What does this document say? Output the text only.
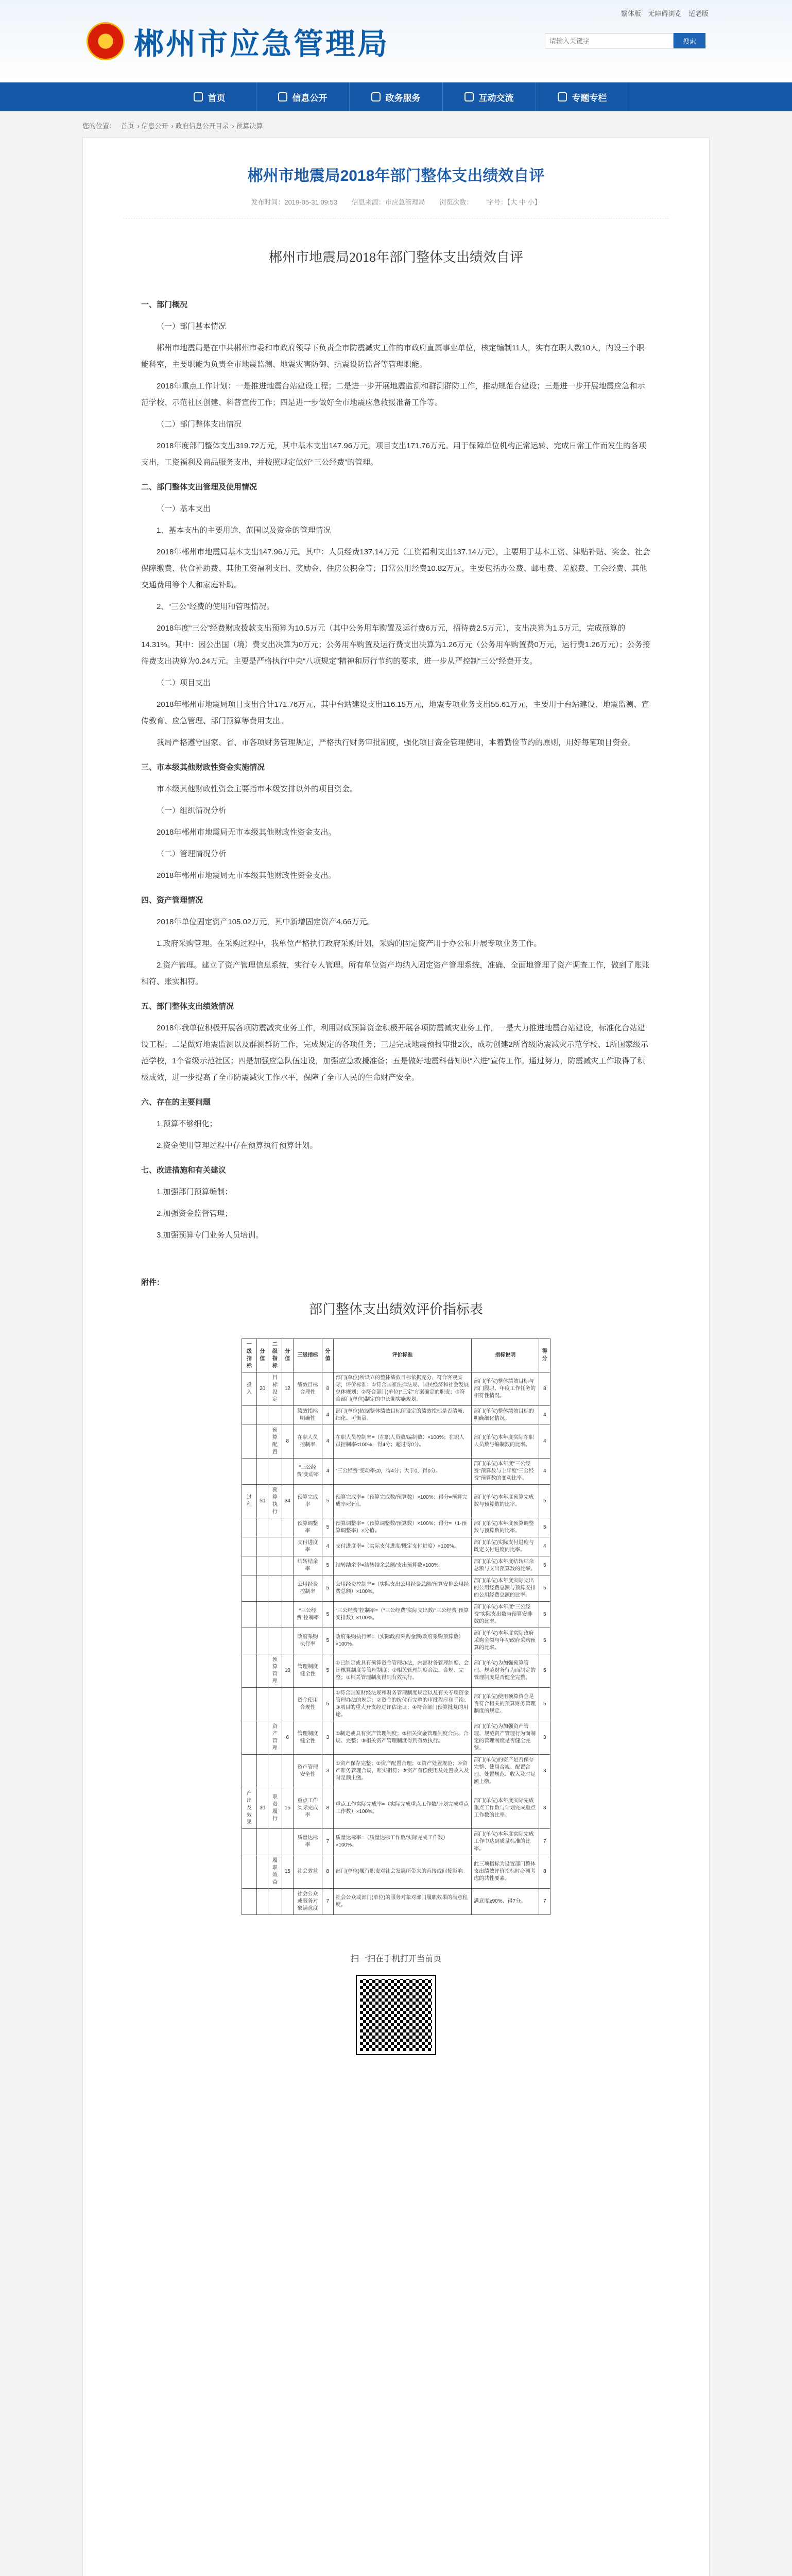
郴州市应急管理局
繁体版 无障碍浏览 适老版
请输入关键字
搜索
首页	信息公开	政务服务	互动交流	专题专栏
您的位置： 首页 › 信息公开 › 政府信息公开目录 › 预算决算
郴州市地震局2018年部门整体支出绩效自评
发布时间：2019-05-31 09:53 信息来源：市应急管理局 浏览次数： 字号：【大 中 小】
郴州市地震局2018年部门整体支出绩效自评

一、部门概况

（一）部门基本情况

郴州市地震局是在中共郴州市委和市政府领导下负责全市防震减灾工作的市政府直属事业单位，核定编制11人，实有在职人数10人，内设三个职能科室，主要职能为负责全市地震监测、地震灾害防御、抗震设防监督等管理职能。

2018年重点工作计划：一是推进地震台站建设工程；二是进一步开展地震监测和群测群防工作，推动规范台建设；三是进一步开展地震应急和示范学校、示范社区创建、科普宣传工作；四是进一步做好全市地震应急救援准备工作等。

（二）部门整体支出情况

2018年度部门整体支出319.72万元，其中基本支出147.96万元，项目支出171.76万元。用于保障单位机构正常运转、完成日常工作而发生的各项支出，工资福利及商品服务支出，并按照规定做好“三公经费”的管理。

二、部门整体支出管理及使用情况

（一）基本支出

1、基本支出的主要用途、范围以及资金的管理情况

2018年郴州市地震局基本支出147.96万元。其中：人员经费137.14万元（工资福利支出137.14万元），主要用于基本工资、津贴补贴、奖金、社会保障缴费、伙食补助费、其他工资福利支出、奖励金、住房公积金等；日常公用经费10.82万元，主要包括办公费、邮电费、差旅费、工会经费、其他交通费用等个人和家庭补助。

2、“三公”经费的使用和管理情况。

2018年度“三公”经费财政拨款支出预算为10.5万元（其中公务用车购置及运行费6万元，招待费2.5万元），支出决算为1.5万元，完成预算的14.31%。其中：因公出国（境）费支出决算为0万元；公务用车购置及运行费支出决算为1.26万元（公务用车购置费0万元，运行费1.26万元）；公务接待费支出决算为0.24万元。主要是严格执行中央“八项规定”精神和厉行节约的要求，进一步从严控制“三公”经费开支。

（二）项目支出

2018年郴州市地震局项目支出合计171.76万元，其中台站建设支出116.15万元，地震专项业务支出55.61万元，主要用于台站建设、地震监测、宣传教育、应急管理、部门预算等费用支出。

我局严格遵守国家、省、市各项财务管理规定，严格执行财务审批制度，强化项目资金管理使用，本着勤俭节约的原则，用好每笔项目资金。

三、市本级其他财政性资金实施情况

市本级其他财政性资金主要指市本级安排以外的项目资金。

（一）组织情况分析

2018年郴州市地震局无市本级其他财政性资金支出。

（二）管理情况分析

2018年郴州市地震局无市本级其他财政性资金支出。

四、资产管理情况

2018年单位固定资产105.02万元，其中新增固定资产4.66万元。

1.政府采购管理。在采购过程中，我单位严格执行政府采购计划，采购的固定资产用于办公和开展专项业务工作。

2.资产管理。建立了资产管理信息系统，实行专人管理。所有单位资产均纳入固定资产管理系统，准确、全面地管理了资产调查工作，做到了账账相符、账实相符。

五、部门整体支出绩效情况

2018年我单位积极开展各项防震减灾业务工作，利用财政预算资金积极开展各项防震减灾业务工作，一是大力推进地震台站建设，标准化台站建设工程；二是做好地震监测以及群测群防工作，完成规定的各项任务；三是完成地震预报审批2次，成功创建2所省级防震减灾示范学校、1所国家级示范学校，1个省级示范社区；四是加强应急队伍建设，加强应急救援准备；五是做好地震科普知识“六进”宣传工作。通过努力，防震减灾工作取得了积极成效，进一步提高了全市防震减灾工作水平，保障了全市人民的生命财产安全。

六、存在的主要问题

1.预算不够细化；

2.资金使用管理过程中存在预算执行预算计划。

七、改进措施和有关建议

1.加强部门预算编制；

2.加强资金监督管理；

3.加强预算专门业务人员培训。

附件：
部门整体支出绩效评价指标表
一级指标	分值	二级指标	分值	三级指标	分值	评价标准	指标说明	得分
投入	20	目标设定	12	绩效目标合理性	8	部门(单位)所设立的整体绩效目标依据充分，符合客观实际，评价标准：①符合国家法律法规、国民经济和社会发展总体规划；②符合部门(单位)“三定”方案确定的职责；③符合部门(单位)制定的中长期实施规划。	部门(单位)整体绩效目标与部门履职、年度工作任务的相符性情况。	8
				绩效指标明确性	4	部门(单位)依据整体绩效目标所设定的绩效指标是否清晰、细化、可衡量。	部门(单位)整体绩效目标的明确细化情况。	4
		预算配置	8	在职人员控制率	4	在职人员控制率=（在职人员数/编制数）×100%；在职人员控制率≤100%，得4分；超过得0分。	部门(单位)本年度实际在职人员数与编制数的比率。	4
				“三公经费”变动率	4	“三公经费”变动率≤0，得4分；大于0，得0分。	部门(单位)本年度“三公经费”预算数与上年度“三公经费”预算数的变动比率。	4
过程	50	预算执行	34	预算完成率	5	预算完成率=（预算完成数/预算数）×100%；得分=预算完成率×分值。	部门(单位)本年度预算完成数与预算数的比率。	5
				预算调整率	5	预算调整率=（预算调整数/预算数）×100%；得分=（1-预算调整率）×分值。	部门(单位)本年度预算调整数与预算数的比率。	5
				支付进度率	4	支付进度率=（实际支付进度/既定支付进度）×100%。	部门(单位)实际支付进度与既定支付进度的比率。	4
				结转结余率	5	结转结余率=结转结余总额/支出预算数×100%。	部门(单位)本年度结转结余总额与支出预算数的比率。	5
				公用经费控制率	5	公用经费控制率=（实际支出公用经费总额/预算安排公用经费总额）×100%。	部门(单位)本年度实际支出的公用经费总额与预算安排的公用经费总额的比率。	5
				“三公经费”控制率	5	“三公经费”控制率=（“三公经费”实际支出数/“三公经费”预算安排数）×100%。	部门(单位)本年度“三公经费”实际支出数与预算安排数的比率。	5
				政府采购执行率	5	政府采购执行率=（实际政府采购金额/政府采购预算数）×100%。	部门(单位)本年度实际政府采购金额与年初政府采购预算的比率。	5
		预算管理	10	管理制度健全性	5	①已制定或具有预算资金管理办法，内部财务管理制度、会计核算制度等管理制度；②相关管理制度合法、合规、完整；③相关管理制度得到有效执行。	部门(单位)为加强预算管理、规范财务行为而制定的管理制度是否健全完整。	5
				资金使用合规性	5	①符合国家财经法规和财务管理制度规定以及有关专项资金管理办法的规定；②资金的拨付有完整的审批程序和手续；③项目的重大开支经过评估论证；④符合部门预算批复的用途。	部门(单位)使用预算资金是否符合相关的预算财务管理制度的规定。	5
		资产管理	6	管理制度健全性	3	①制定或具有资产管理制度；②相关资金管理制度合法、合规、完整；③相关资产管理制度得到有效执行。	部门(单位)为加强资产管理、规范资产管理行为而制定的管理制度是否健全完整。	3
				资产管理安全性	3	①资产保存完整；②资产配置合理；③资产处置规范；④资产账务管理合规，账实相符；⑤资产有偿使用及处置收入及时足额上缴。	部门(单位)的资产是否保存完整、使用合规、配置合理、处置规范、收入及时足额上缴。	3
产出及效果	30	职责履行	15	重点工作实际完成率	8	重点工作实际完成率=（实际完成重点工作数/计划完成重点工作数）×100%。	部门(单位)本年度实际完成重点工作数与计划完成重点工作数的比率。	8
				质量达标率	7	质量达标率=（质量达标工作数/实际完成工作数）×100%。	部门(单位)本年度实际完成工作中达到质量标准的比率。	7
		履职效益	15	社会效益	8	部门(单位)履行职责对社会发展所带来的直接或间接影响。	此三项指标为设置部门整体支出绩效评价指标时必须考虑的共性要素。	8
				社会公众或服务对象满意度	7	社会公众或部门(单位)的服务对象对部门履职效果的满意程度。	满意度≥90%，得7分。	7
扫一扫在手机打开当前页
